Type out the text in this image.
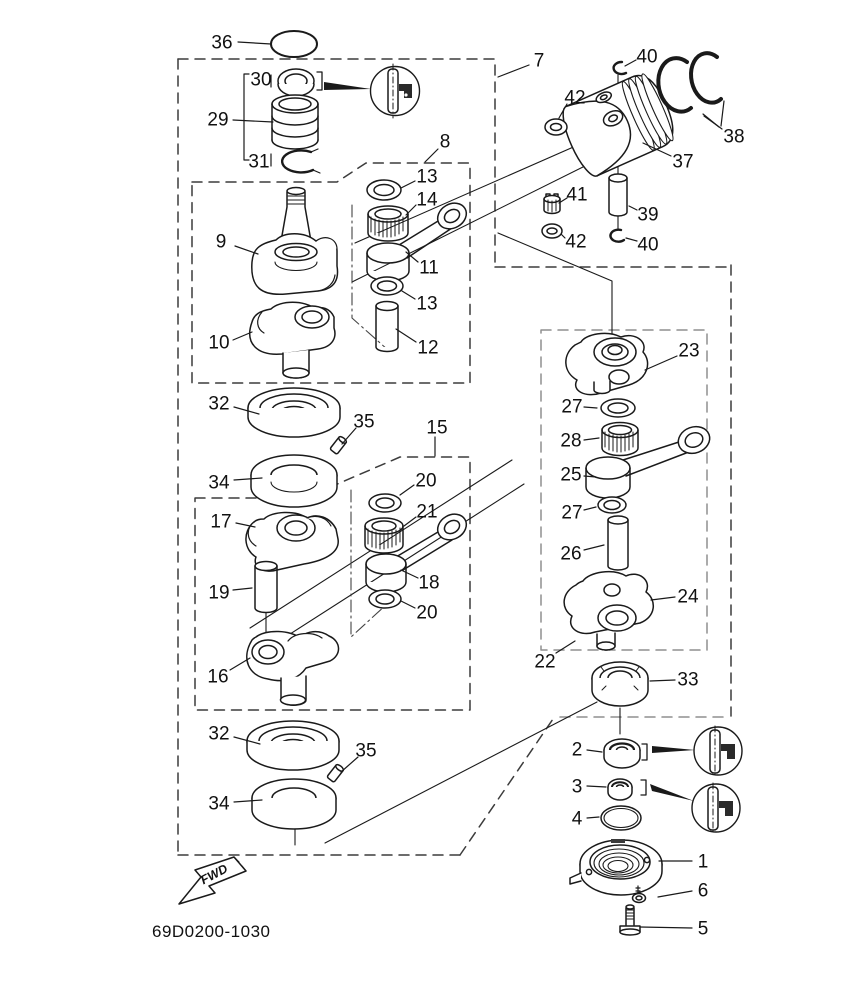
FWD
36
7
30
29
31
8
13
14
11
13
12
9
10
40
42
38
37
39
41
42	40
32
35
34
15
20
21
17
18
20
19
16
32
35
34
23
27
28
25
27
26
24
22
33
2
3
4
1
6
5
69D0200-1030
